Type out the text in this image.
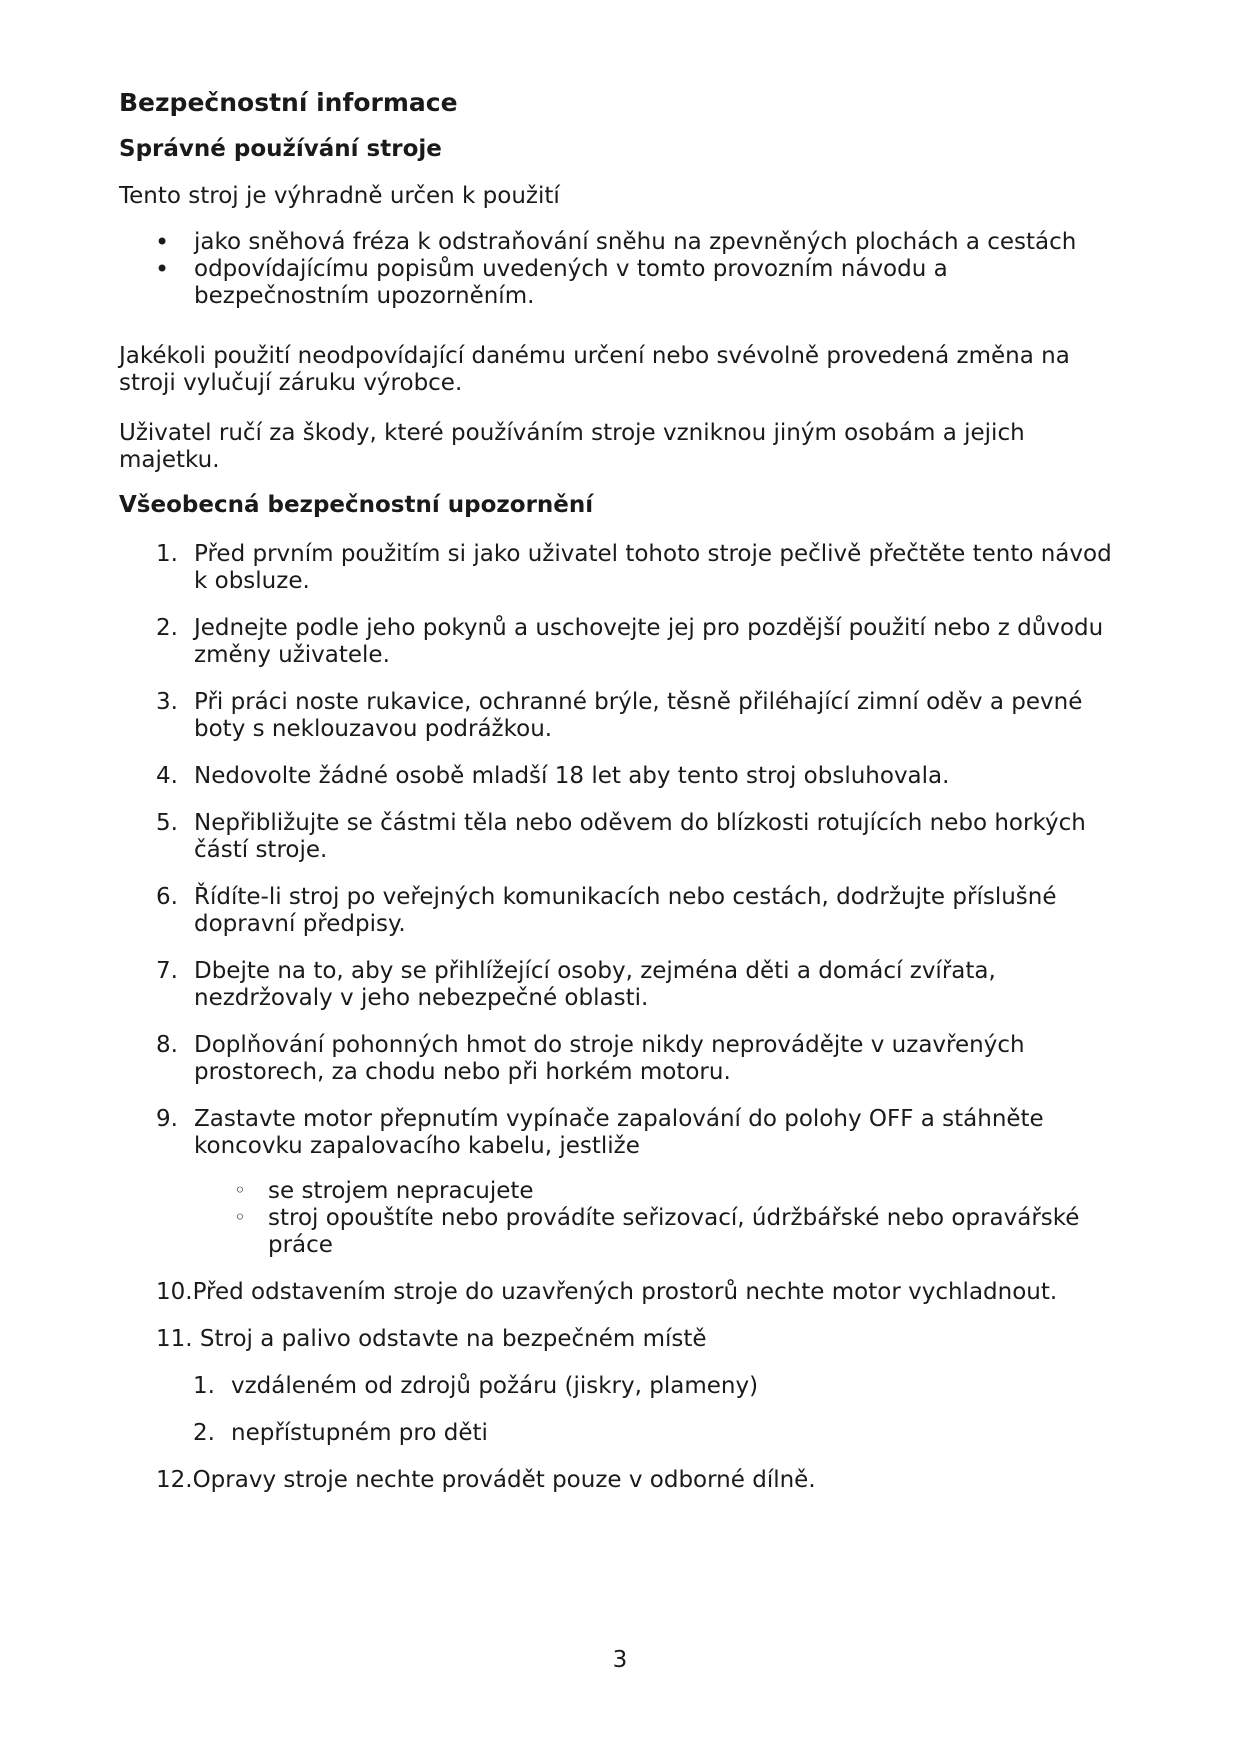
Bezpečnostní informace
Správné používání stroje

Tento stroj je výhradně určen k použití

• jako sněhová fréza k odstraňování sněhu na zpevněných plochách a cestách
• odpovídajícímu popisům uvedených v tomto provozním návodu a bezpečnostním upozorněním.

Jakékoli použití neodpovídající danému určení nebo svévolně provedená změna na stroji vylučují záruku výrobce.

Uživatel ručí za škody, které používáním stroje vzniknou jiným osobám a jejich majetku.

Všeobecná bezpečnostní upozornění
1. Před prvním použitím si jako uživatel tohoto stroje pečlivě přečtěte tento návod k obsluze.
2. Jednejte podle jeho pokynů a uschovejte jej pro pozdější použití nebo z důvodu změny uživatele.
3. Při práci noste rukavice, ochranné brýle, těsně přiléhající zimní oděv a pevné boty s neklouzavou podrážkou.
4. Nedovolte žádné osobě mladší 18 let aby tento stroj obsluhovala.
5. Nepřibližujte se částmi těla nebo oděvem do blízkosti rotujících nebo horkých částí stroje.
6. Řídíte-li stroj po veřejných komunikacích nebo cestách, dodržujte příslušné dopravní předpisy.
7. Dbejte na to, aby se přihlížející osoby, zejména děti a domácí zvířata, nezdržovaly v jeho nebezpečné oblasti.
8. Doplňování pohonných hmot do stroje nikdy neprovádějte v uzavřených prostorech, za chodu nebo při horkém motoru.
9. Zastavte motor přepnutím vypínače zapalování do polohy OFF a stáhněte koncovku zapalovacího kabelu, jestliže
◦ se strojem nepracujete
◦ stroj opouštíte nebo provádíte seřizovací, údržbářské nebo opravářské práce
10.Před odstavením stroje do uzavřených prostorů nechte motor vychladnout.
11. Stroj a palivo odstavte na bezpečném místě
1. vzdáleném od zdrojů požáru (jiskry, plameny)
2. nepřístupném pro děti
12.Opravy stroje nechte provádět pouze v odborné dílně.
3
